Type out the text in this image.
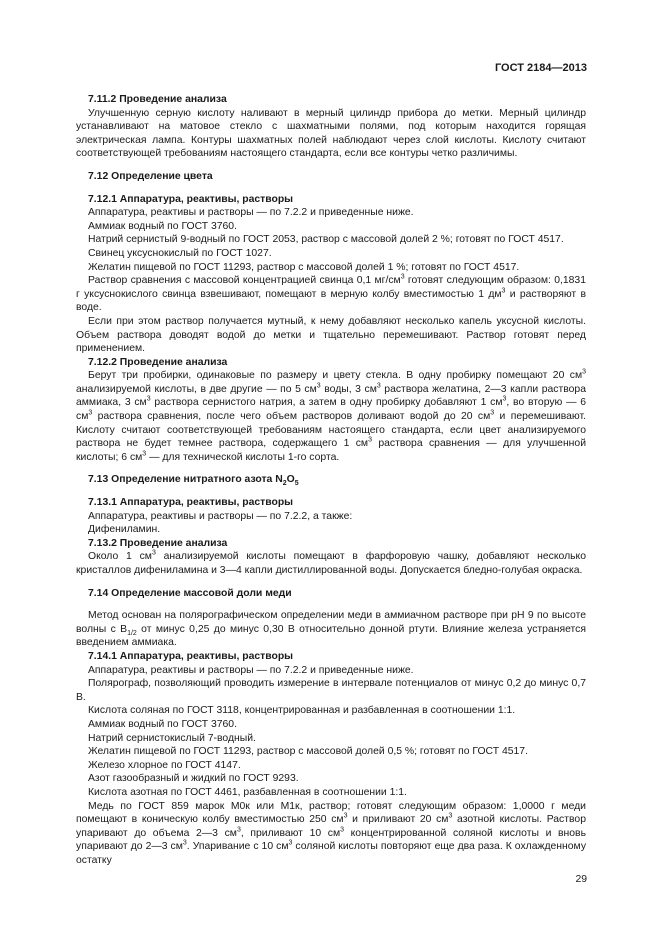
ГОСТ 2184—2013

7.11.2 Проведение анализа

Улучшенную серную кислоту наливают в мерный цилиндр прибора до метки. Мерный цилиндр устанавливают на матовое стекло с шахматными полями, под которым находится горящая электрическая лампа. Контуры шахматных полей наблюдают через слой кислоты. Кислоту считают соответствующей требованиям настоящего стандарта, если все контуры четко различимы.

7.12 Определение цвета

7.12.1 Аппаратура, реактивы, растворы

Аппаратура, реактивы и растворы — по 7.2.2 и приведенные ниже.

Аммиак водный по ГОСТ 3760.

Натрий сернистый 9-водный по ГОСТ 2053, раствор с массовой долей 2 %; готовят по ГОСТ 4517.

Свинец уксуснокислый по ГОСТ 1027.

Желатин пищевой по ГОСТ 11293, раствор с массовой долей 1 %; готовят по ГОСТ 4517.

Раствор сравнения с массовой концентрацией свинца 0,1 $мг/см^3$ готовят следующим образом: 0,1831 г уксуснокислого свинца взвешивают, помещают в мерную колбу вместимостью 1 $дм^3$ и растворяют в воде.

Если при этом раствор получается мутный, к нему добавляют несколько капель уксусной кислоты. Объем раствора доводят водой до метки и тщательно перемешивают. Раствор готовят перед применением.

7.12.2 Проведение анализа

Берут три пробирки, одинаковые по размеру и цвету стекла. В одну пробирку помещают 20 $см^3$ анализируемой кислоты, в две другие — по 5 $см^3$ воды, 3 $см^3$ раствора желатина, 2—3 капли раствора аммиака, 3 $см^3$ раствора сернистого натрия, а затем в одну пробирку добавляют 1 $см^3$, во вторую — 6 $см^3$ раствора сравнения, после чего объем растворов доливают водой до 20 $см^3$ и перемешивают. Кислоту считают соответствующей требованиям настоящего стандарта, если цвет анализируемого раствора не будет темнее раствора, содержащего 1 $см^3$ раствора сравнения — для улучшенной кислоты; 6 $см^3$ — для технической кислоты 1-го сорта.

7.13 Определение нитратного азота $N_2O_5$

7.13.1 Аппаратура, реактивы, растворы

Аппаратура, реактивы и растворы — по 7.2.2, а также:

Дифениламин.

7.13.2 Проведение анализа

Около 1 $см^3$ анализируемой кислоты помещают в фарфоровую чашку, добавляют несколько кристаллов дифениламина и 3—4 капли дистиллированной воды. Допускается бледно-голубая окраска.

7.14 Определение массовой доли меди

Метод основан на полярографическом определении меди в аммиачном растворе при pH 9 по высоте волны с $B_{1/2}$ от минус 0,25 до минус 0,30 В относительно донной ртути. Влияние железа устраняется введением аммиака.

7.14.1 Аппаратура, реактивы, растворы

Аппаратура, реактивы и растворы — по 7.2.2 и приведенные ниже.

Полярограф, позволяющий проводить измерение в интервале потенциалов от минус 0,2 до минус 0,7 В.

Кислота соляная по ГОСТ 3118, концентрированная и разбавленная в соотношении 1:1.

Аммиак водный по ГОСТ 3760.

Натрий сернистокислый 7-водный.

Желатин пищевой по ГОСТ 11293, раствор с массовой долей 0,5 %; готовят по ГОСТ 4517.

Железо хлорное по ГОСТ 4147.

Азот газообразный и жидкий по ГОСТ 9293.

Кислота азотная по ГОСТ 4461, разбавленная в соотношении 1:1.

Медь по ГОСТ 859 марок М0к или М1к, раствор; готовят следующим образом: 1,0000 г меди помещают в коническую колбу вместимостью 250 $см^3$ и приливают 20 $см^3$ азотной кислоты. Раствор упаривают до объема 2—3 $см^3$, приливают 10 $см^3$ концентрированной соляной кислоты и вновь упаривают до 2—3 $см^3$. Упаривание с 10 $см^3$ соляной кислоты повторяют еще два раза. К охлажденному остатку

29
